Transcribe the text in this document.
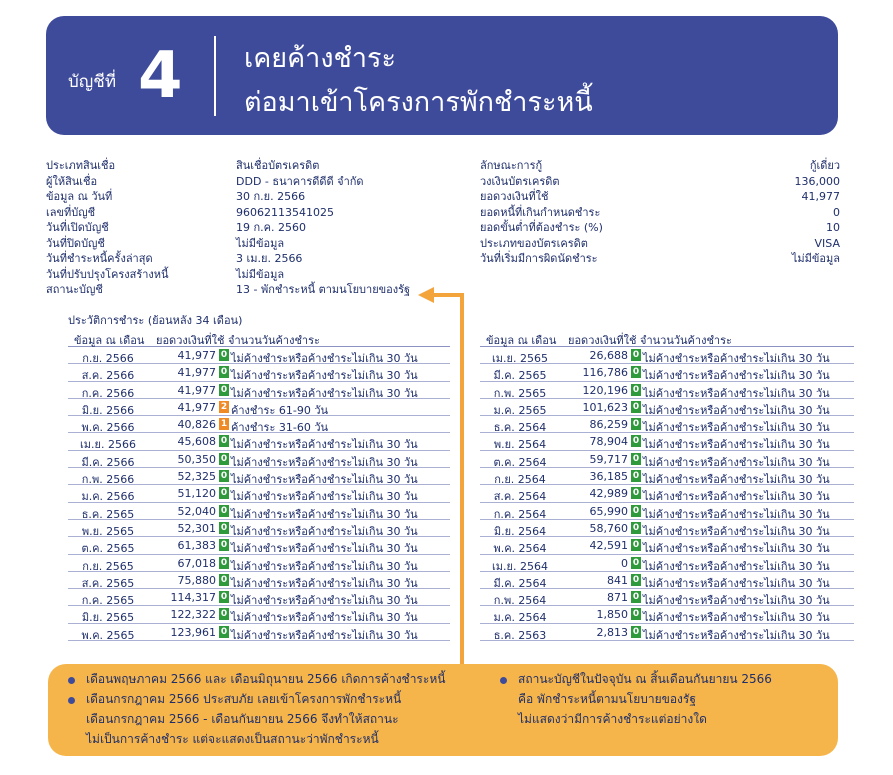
บัญชีที่ 4 เคยค้างชำระ
ต่อมาเข้าโครงการพักชำระหนี้
ประเภทสินเชื่อ	สินเชื่อบัตรเครดิต
ผู้ให้สินเชื่อ	DDD - ธนาคารดีดีดี จำกัด
ข้อมูล ณ วันที่	30 ก.ย. 2566
เลขที่บัญชี	96062113541025
วันที่เปิดบัญชี	19 ก.ค. 2560
วันที่ปิดบัญชี	ไม่มีข้อมูล
วันที่ชำระหนี้ครั้งล่าสุด	3 เม.ย. 2566
วันที่ปรับปรุงโครงสร้างหนี้	ไม่มีข้อมูล
สถานะบัญชี	13 - พักชำระหนี้ ตามนโยบายของรัฐ
ลักษณะการกู้	กู้เดี่ยว
วงเงินบัตรเครดิต	136,000
ยอดวงเงินที่ใช้	41,977
ยอดหนี้ที่เกินกำหนดชำระ	0
ยอดขั้นต่ำที่ต้องชำระ (%)	10
ประเภทของบัตรเครดิต	VISA
วันที่เริ่มมีการผิดนัดชำระ	ไม่มีข้อมูล
ประวัติการชำระ (ย้อนหลัง 34 เดือน)
ข้อมูล ณ เดือน ยอดวงเงินที่ใช้ จำนวนวันค้างชำระ
ก.ย. 2566	41,977 0 ไม่ค้างชำระหรือค้างชำระไม่เกิน 30 วัน
ส.ค. 2566	41,977 0 ไม่ค้างชำระหรือค้างชำระไม่เกิน 30 วัน
ก.ค. 2566	41,977 0 ไม่ค้างชำระหรือค้างชำระไม่เกิน 30 วัน
มิ.ย. 2566	41,977 2 ค้างชำระ 61-90 วัน
พ.ค. 2566	40,826 1 ค้างชำระ 31-60 วัน
เม.ย. 2566	45,608 0 ไม่ค้างชำระหรือค้างชำระไม่เกิน 30 วัน
มี.ค. 2566	50,350 0 ไม่ค้างชำระหรือค้างชำระไม่เกิน 30 วัน
ก.พ. 2566	52,325 0 ไม่ค้างชำระหรือค้างชำระไม่เกิน 30 วัน
ม.ค. 2566	51,120 0 ไม่ค้างชำระหรือค้างชำระไม่เกิน 30 วัน
ธ.ค. 2565	52,040 0 ไม่ค้างชำระหรือค้างชำระไม่เกิน 30 วัน
พ.ย. 2565	52,301 0 ไม่ค้างชำระหรือค้างชำระไม่เกิน 30 วัน
ต.ค. 2565	61,383 0 ไม่ค้างชำระหรือค้างชำระไม่เกิน 30 วัน
ก.ย. 2565	67,018 0 ไม่ค้างชำระหรือค้างชำระไม่เกิน 30 วัน
ส.ค. 2565	75,880 0 ไม่ค้างชำระหรือค้างชำระไม่เกิน 30 วัน
ก.ค. 2565	114,317 0 ไม่ค้างชำระหรือค้างชำระไม่เกิน 30 วัน
มิ.ย. 2565	122,322 0 ไม่ค้างชำระหรือค้างชำระไม่เกิน 30 วัน
พ.ค. 2565	123,961 0 ไม่ค้างชำระหรือค้างชำระไม่เกิน 30 วัน
ข้อมูล ณ เดือน ยอดวงเงินที่ใช้ จำนวนวันค้างชำระ
เม.ย. 2565	26,688 0 ไม่ค้างชำระหรือค้างชำระไม่เกิน 30 วัน
มี.ค. 2565	116,786 0 ไม่ค้างชำระหรือค้างชำระไม่เกิน 30 วัน
ก.พ. 2565	120,196 0 ไม่ค้างชำระหรือค้างชำระไม่เกิน 30 วัน
ม.ค. 2565	101,623 0 ไม่ค้างชำระหรือค้างชำระไม่เกิน 30 วัน
ธ.ค. 2564	86,259 0 ไม่ค้างชำระหรือค้างชำระไม่เกิน 30 วัน
พ.ย. 2564	78,904 0 ไม่ค้างชำระหรือค้างชำระไม่เกิน 30 วัน
ต.ค. 2564	59,717 0 ไม่ค้างชำระหรือค้างชำระไม่เกิน 30 วัน
ก.ย. 2564	36,185 0 ไม่ค้างชำระหรือค้างชำระไม่เกิน 30 วัน
ส.ค. 2564	42,989 0 ไม่ค้างชำระหรือค้างชำระไม่เกิน 30 วัน
ก.ค. 2564	65,990 0 ไม่ค้างชำระหรือค้างชำระไม่เกิน 30 วัน
มิ.ย. 2564	58,760 0 ไม่ค้างชำระหรือค้างชำระไม่เกิน 30 วัน
พ.ค. 2564	42,591 0 ไม่ค้างชำระหรือค้างชำระไม่เกิน 30 วัน
เม.ย. 2564	0 0 ไม่ค้างชำระหรือค้างชำระไม่เกิน 30 วัน
มี.ค. 2564	841 0 ไม่ค้างชำระหรือค้างชำระไม่เกิน 30 วัน
ก.พ. 2564	871 0 ไม่ค้างชำระหรือค้างชำระไม่เกิน 30 วัน
ม.ค. 2564	1,850 0 ไม่ค้างชำระหรือค้างชำระไม่เกิน 30 วัน
ธ.ค. 2563	2,813 0 ไม่ค้างชำระหรือค้างชำระไม่เกิน 30 วัน
เดือนพฤษภาคม 2566 และ เดือนมิถุนายน 2566 เกิดการค้างชำระหนี้
เดือนกรกฎาคม 2566 ประสบภัย เลยเข้าโครงการพักชำระหนี้
เดือนกรกฎาคม 2566 - เดือนกันยายน 2566 จึงทำให้สถานะ
ไม่เป็นการค้างชำระ แต่จะแสดงเป็นสถานะว่าพักชำระหนี้
สถานะบัญชีในปัจจุบัน ณ สิ้นเดือนกันยายน 2566
คือ พักชำระหนี้ตามนโยบายของรัฐ
ไม่แสดงว่ามีการค้างชำระแต่อย่างใด
